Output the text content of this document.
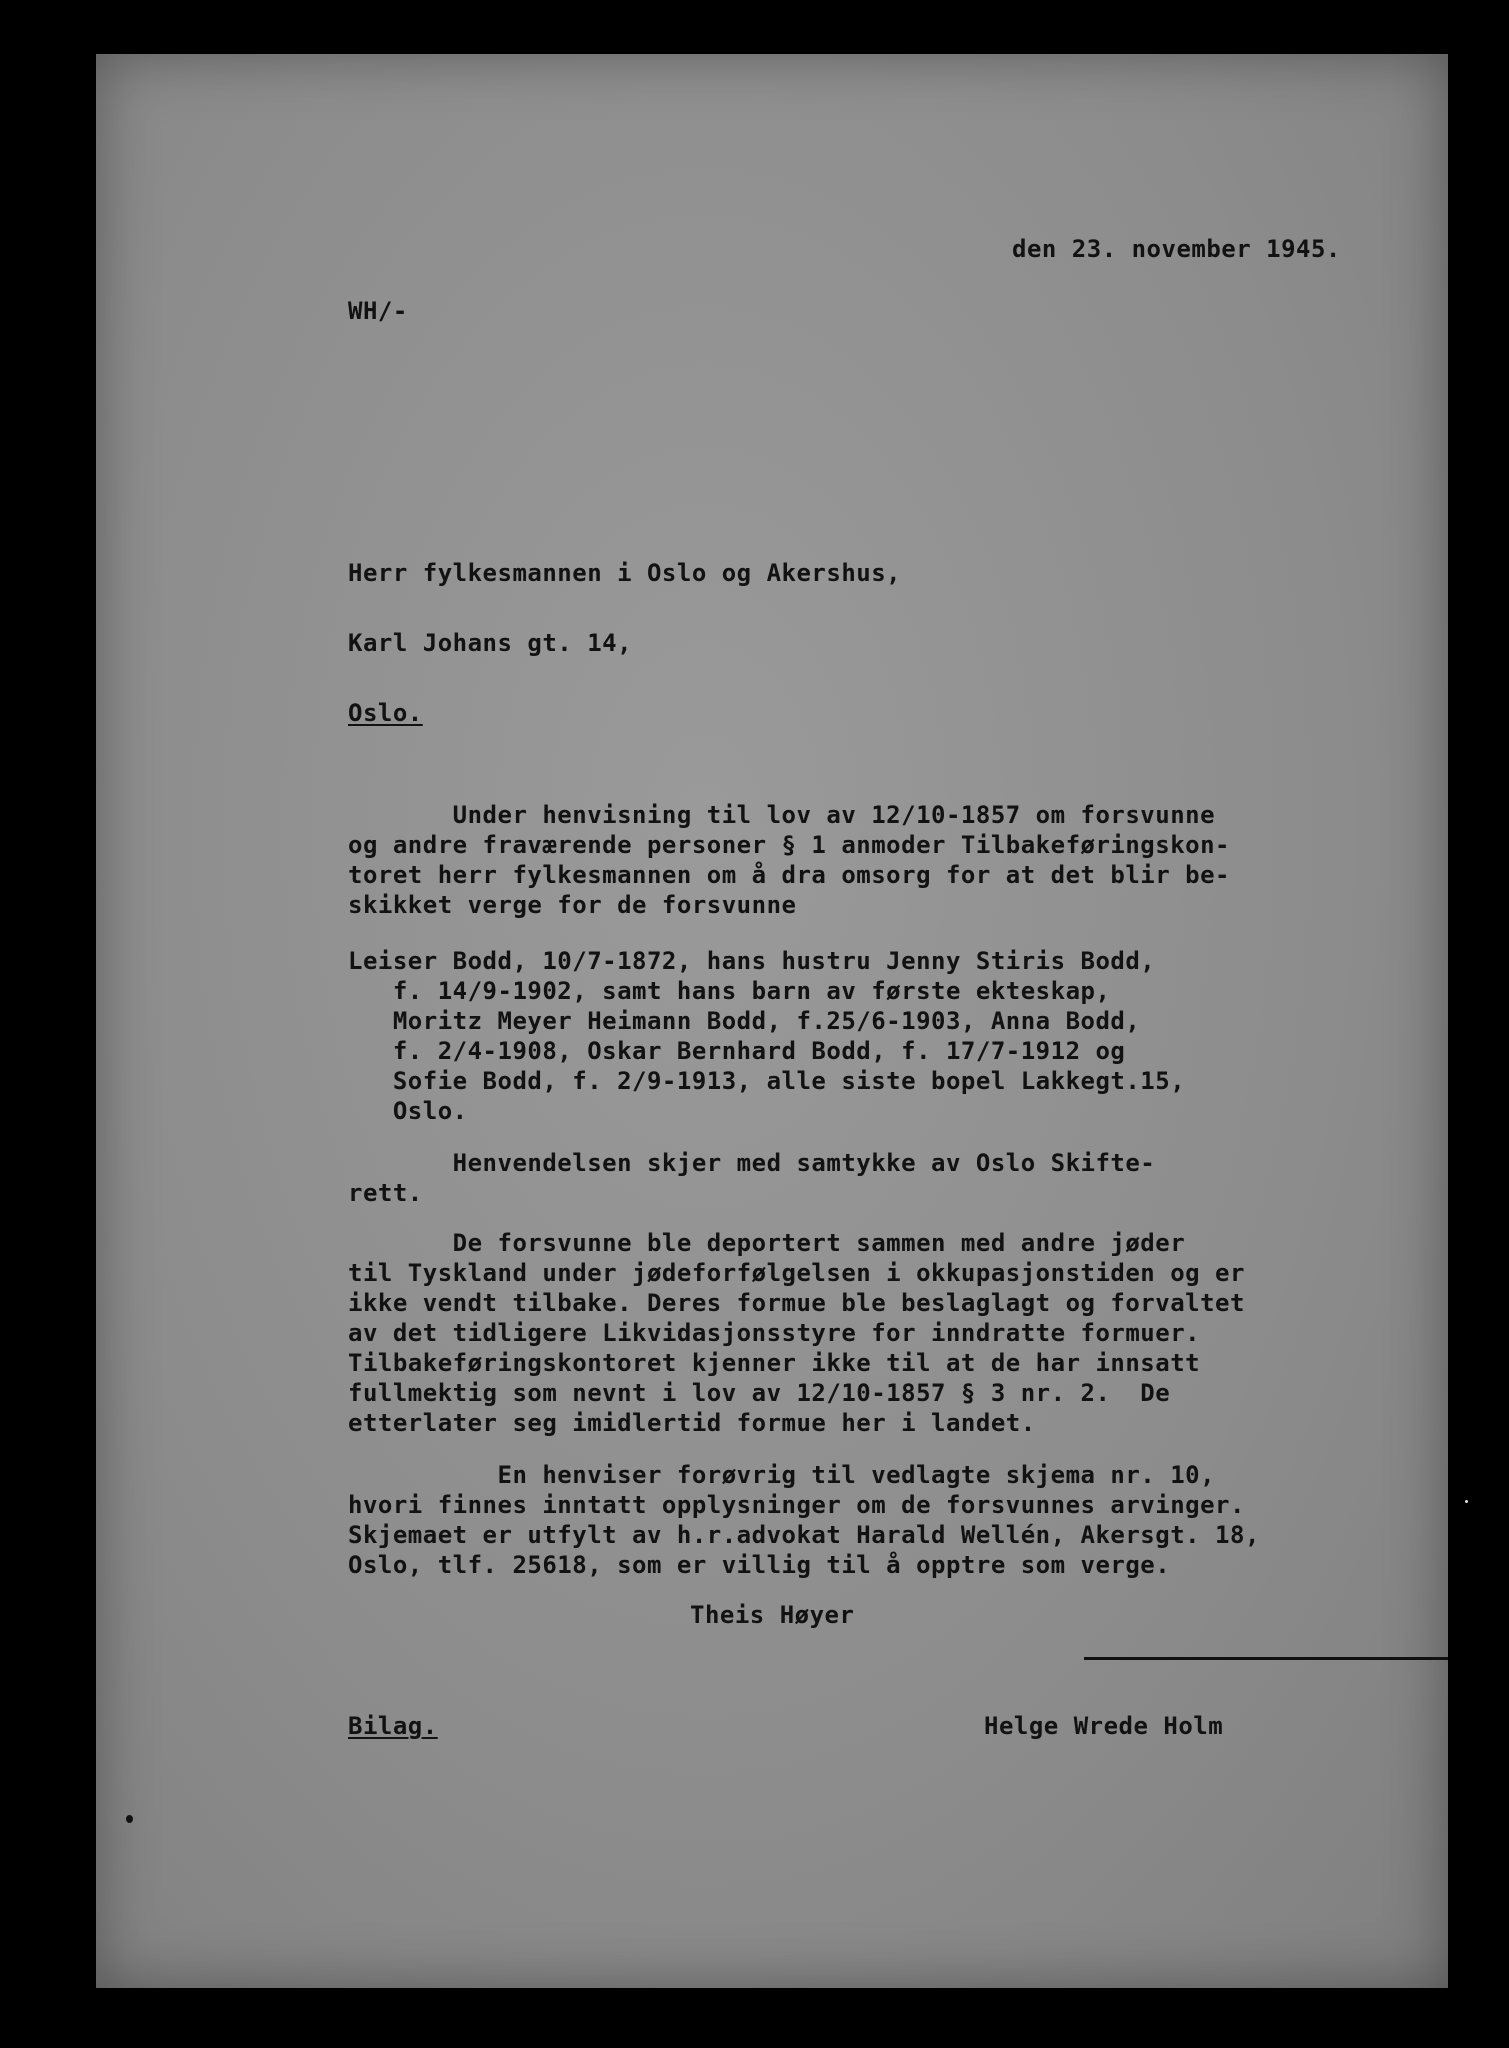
den 23. november 1945.
WH/-
Herr fylkesmannen i Oslo og Akershus,
Karl Johans gt. 14,
Oslo.
Under henvisning til lov av 12/10-1857 om forsvunne
og andre fraværende personer § 1 anmoder Tilbakeføringskon-
toret herr fylkesmannen om å dra omsorg for at det blir be-
skikket verge for de forsvunne
Leiser Bodd, 10/7-1872, hans hustru Jenny Stiris Bodd,
f. 14/9-1902, samt hans barn av første ekteskap,
Moritz Meyer Heimann Bodd, f.25/6-1903, Anna Bodd,
f. 2/4-1908, Oskar Bernhard Bodd, f. 17/7-1912 og
Sofie Bodd, f. 2/9-1913, alle siste bopel Lakkegt.15,
Oslo.
Henvendelsen skjer med samtykke av Oslo Skifte-
rett.
De forsvunne ble deportert sammen med andre jøder
til Tyskland under jødeforfølgelsen i okkupasjonstiden og er
ikke vendt tilbake. Deres formue ble beslaglagt og forvaltet
av det tidligere Likvidasjonsstyre for inndratte formuer.
Tilbakeføringskontoret kjenner ikke til at de har innsatt
fullmektig som nevnt i lov av 12/10-1857 § 3 nr. 2.  De
etterlater seg imidlertid formue her i landet.
En henviser forøvrig til vedlagte skjema nr. 10,
hvori finnes inntatt opplysninger om de forsvunnes arvinger.
Skjemaet er utfylt av h.r.advokat Harald Wellén, Akersgt. 18,
Oslo, tlf. 25618, som er villig til å opptre som verge.
Theis Høyer
Bilag.	Helge Wrede Holm
